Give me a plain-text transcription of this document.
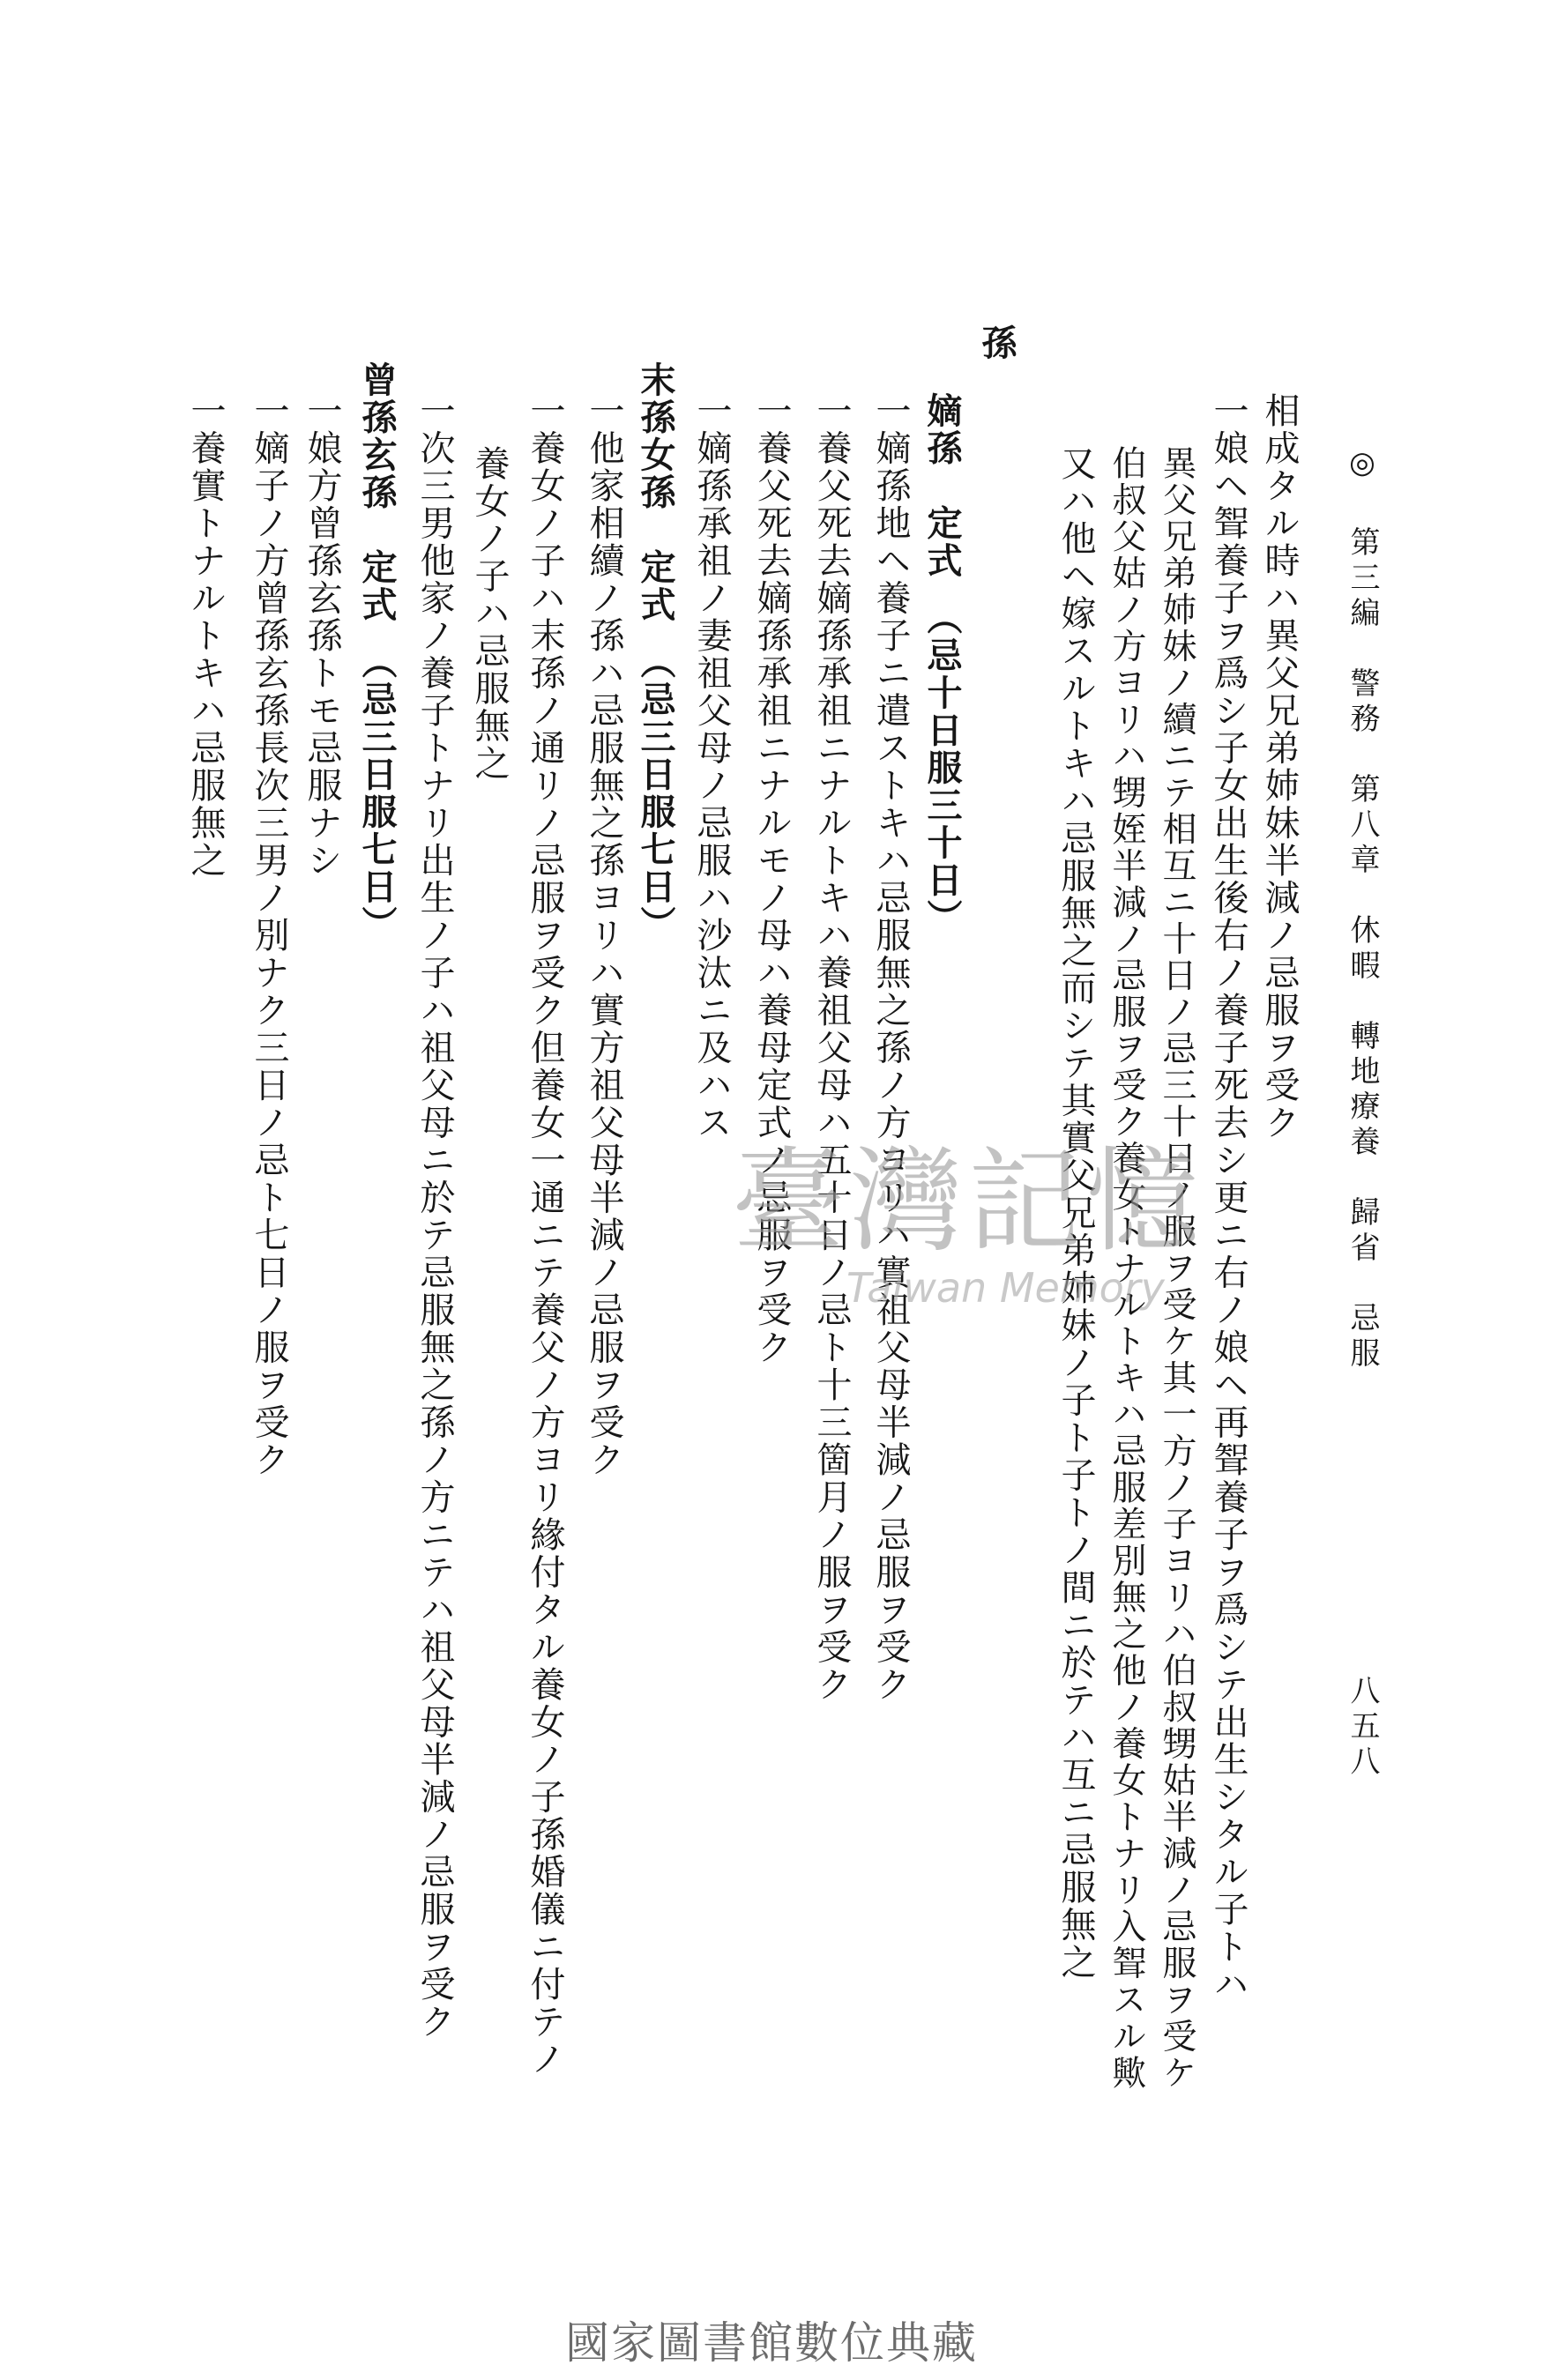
◎ 第三編　警務　第八章　休暇　轉地療養　歸省　忌服
八五八
相成タル時ハ異父兄弟姉妹半減ノ忌服ヲ受ク
一娘ヘ聟養子ヲ爲シ子女出生後右ノ養子死去シ更ニ右ノ娘ヘ再聟養子ヲ爲シテ出生シタル子トハ
異父兄弟姉妹ノ續ニテ相互ニ十日ノ忌三十日ノ服ヲ受ケ其一方ノ子ヨリハ伯叔甥姑半減ノ忌服ヲ受ケ
伯叔父姑ノ方ヨリハ甥姪半減ノ忌服ヲ受ク養女トナルトキハ忌服差別無之他ノ養女トナリ入聟スル歟
又ハ他ヘ嫁スルトキハ忌服無之而シテ其實父兄弟姉妹ノ子ト子トノ間ニ於テハ互ニ忌服無之
孫
嫡孫　定式　（忌十日服三十日）
一嫡孫地ヘ養子ニ遣ストキハ忌服無之孫ノ方ヨリハ實祖父母半減ノ忌服ヲ受ク
一養父死去嫡孫承祖ニナルトキハ養祖父母ハ五十日ノ忌ト十三箇月ノ服ヲ受ク
一養父死去嫡孫承祖ニナルモノ母ハ養母定式ノ忌服ヲ受ク
一嫡孫承祖ノ妻祖父母ノ忌服ハ沙汰ニ及ハス
末孫女孫　定式　（忌三日服七日）
一他家相續ノ孫ハ忌服無之孫ヨリハ實方祖父母半減ノ忌服ヲ受ク
一養女ノ子ハ末孫ノ通リノ忌服ヲ受ク但養女一通ニテ養父ノ方ヨリ緣付タル養女ノ子孫婚儀ニ付テノ
養女ノ子ハ忌服無之
一次三男他家ノ養子トナリ出生ノ子ハ祖父母ニ於テ忌服無之孫ノ方ニテハ祖父母半減ノ忌服ヲ受ク
曾孫玄孫　定式　（忌三日服七日）
一娘方曾孫玄孫トモ忌服ナシ
一嫡子ノ方曾孫玄孫長次三男ノ別ナク三日ノ忌ト七日ノ服ヲ受ク
一養實トナルトキハ忌服無之
臺灣記憶
Taiwan Memory
國家圖書館數位典藏
